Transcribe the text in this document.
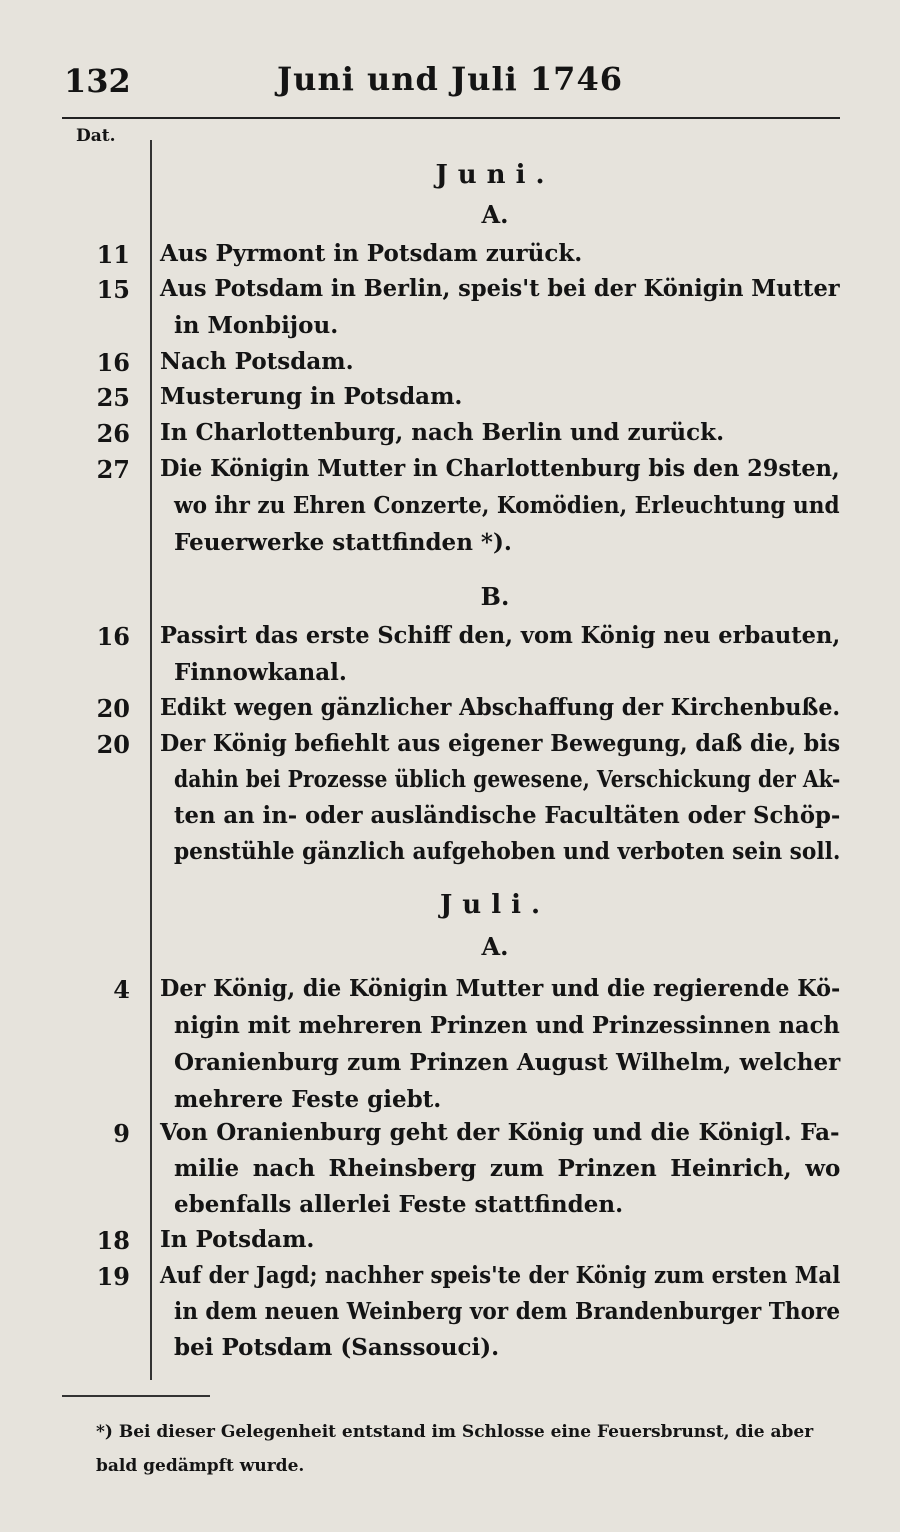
132	Juni und Juli 1746
Dat.
Juni.
A.
11 Aus Pyrmont in Potsdam zurück.
15 Aus Potsdam in Berlin, speis't bei der Königin Mutter
in Monbijou.
16 Nach Potsdam.
25 Musterung in Potsdam.
26 In Charlottenburg, nach Berlin und zurück.
27 Die Königin Mutter in Charlottenburg bis den 29sten,
wo ihr zu Ehren Conzerte, Komödien, Erleuchtung und
Feuerwerke stattfinden *).
B.
16 Passirt das erste Schiff den, vom König neu erbauten,
Finnowkanal.
20 Edikt wegen gänzlicher Abschaffung der Kirchenbuße.
20 Der König befiehlt aus eigener Bewegung, daß die, bis
dahin bei Prozesse üblich gewesene, Verschickung der Ak-
ten an in- oder ausländische Facultäten oder Schöp-
penstühle gänzlich aufgehoben und verboten sein soll.
Juli.
A.
4 Der König, die Königin Mutter und die regierende Kö-
nigin mit mehreren Prinzen und Prinzessinnen nach
Oranienburg zum Prinzen August Wilhelm, welcher
mehrere Feste giebt.
9 Von Oranienburg geht der König und die Königl. Fa-
milie nach Rheinsberg zum Prinzen Heinrich, wo
ebenfalls allerlei Feste stattfinden.
18 In Potsdam.
19 Auf der Jagd; nachher speis'te der König zum ersten Mal
in dem neuen Weinberg vor dem Brandenburger Thore
bei Potsdam (Sanssouci).
*) Bei dieser Gelegenheit entstand im Schlosse eine Feuersbrunst, die aber bald gedämpft wurde.
